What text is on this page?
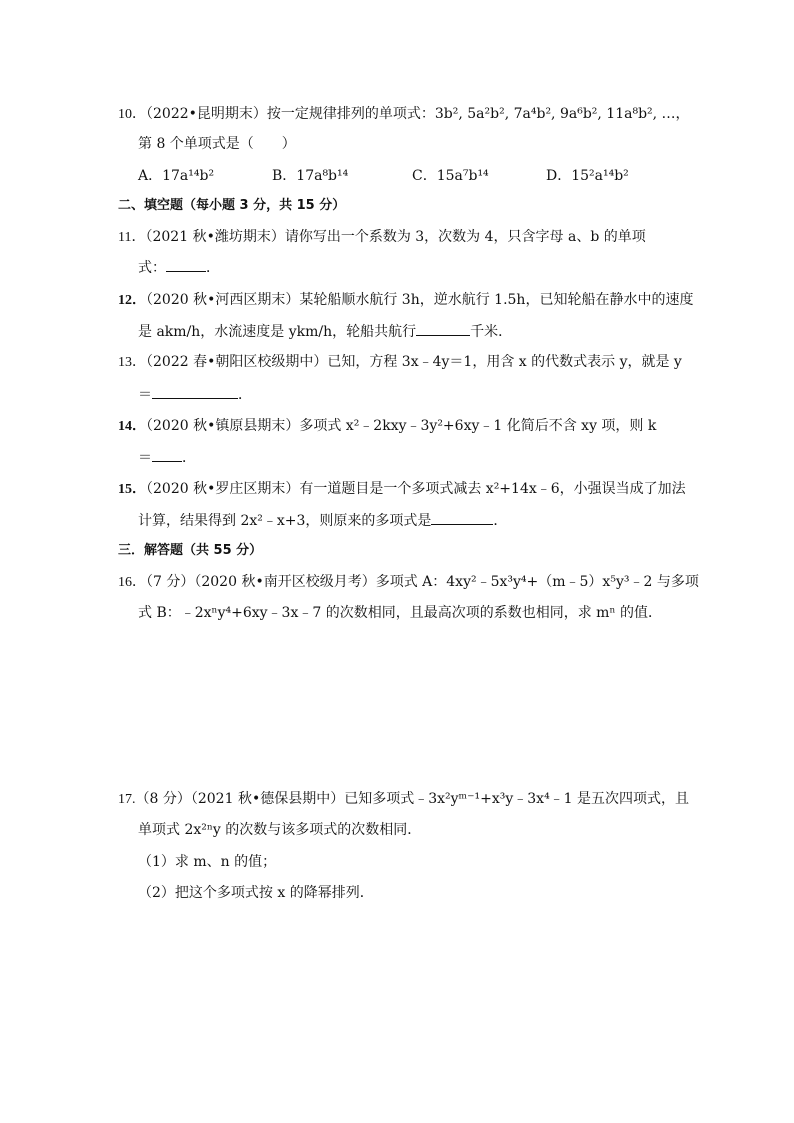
10．（2022•昆明期末）按一定规律排列的单项式：3b², 5a²b², 7a⁴b², 9a⁶b², 11a⁸b², …，
第 8 个单项式是（　　）
A．17a¹⁴b²	B．17a⁸b¹⁴	C．15a⁷b¹⁴	D．15²a¹⁴b²
二、填空题（每小题 3 分，共 15 分）
11．（2021 秋•潍坊期末）请你写出一个系数为 3，次数为 4，只含字母 a、b 的单项
式：	．
12．（2020 秋•河西区期末）某轮船顺水航行 3h，逆水航行 1.5h，已知轮船在静水中的速度
是 akm/h，水流速度是 ykm/h，轮船共航行	千米．
13．（2022 春•朝阳区校级期中）已知，方程 3x﹣4y＝1，用含 x 的代数式表示 y，就是 y
＝	．
14．（2020 秋•镇原县期末）多项式 x²﹣2kxy﹣3y²+6xy﹣1 化简后不含 xy 项，则 k
＝ ．
15．（2020 秋•罗庄区期末）有一道题目是一个多项式减去 x²+14x﹣6，小强误当成了加法
计算，结果得到 2x²﹣x+3，则原来的多项式是	．
三．解答题（共 55 分）
16．（7 分）（2020 秋•南开区校级月考）多项式 A：4xy²﹣5x³y⁴+（m﹣5）x⁵y³﹣2 与多项
式 B：﹣2xⁿy⁴+6xy﹣3x﹣7 的次数相同，且最高次项的系数也相同，求 mⁿ 的值．
17.（8 分）（2021 秋•德保县期中）已知多项式﹣3x²yᵐ⁻¹+x³y﹣3x⁴﹣1 是五次四项式，且
单项式 2x²ⁿy 的次数与该多项式的次数相同．
（1）求 m、n 的值；
（2）把这个多项式按 x 的降幂排列．
